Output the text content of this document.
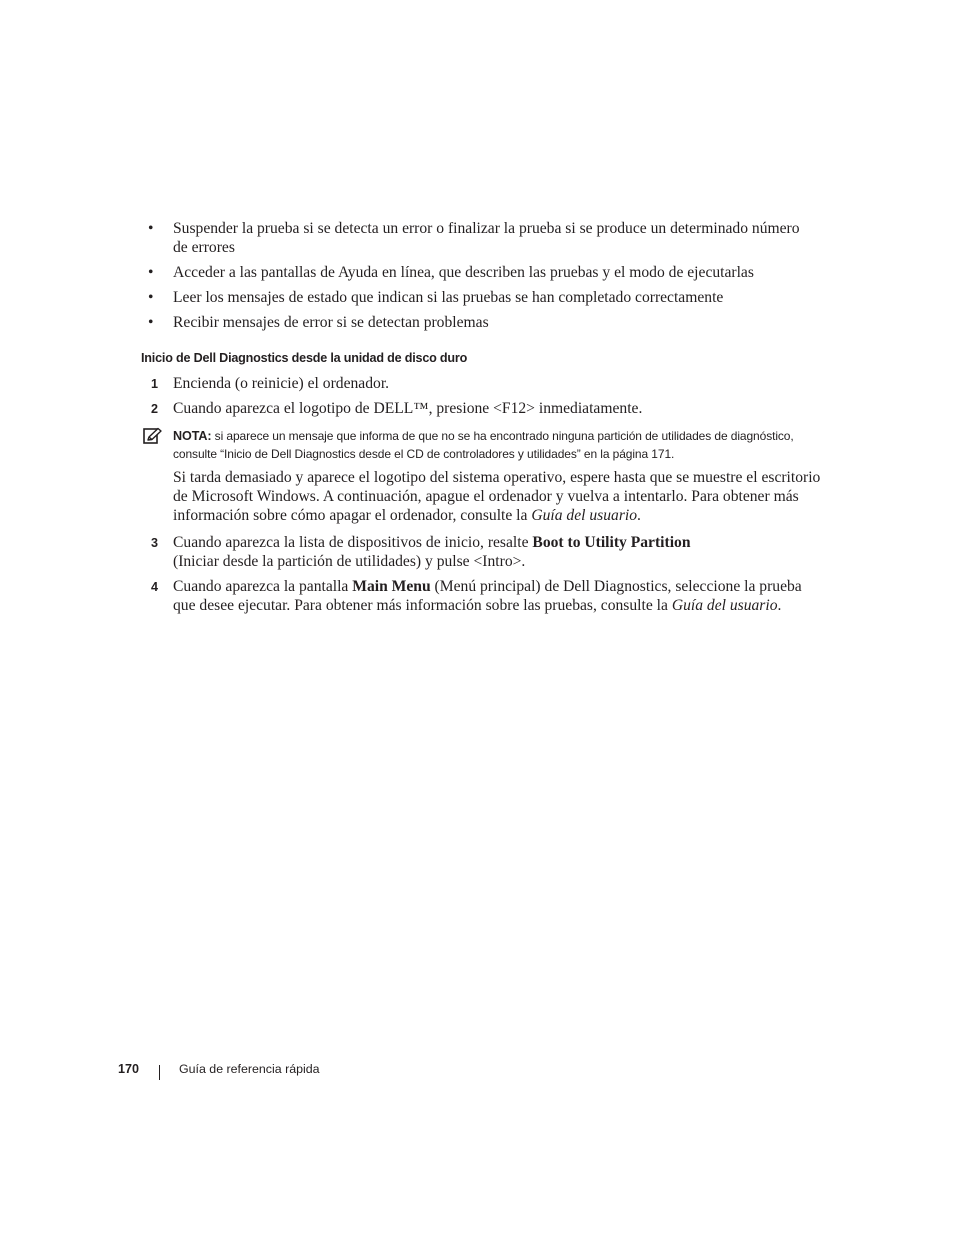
• Suspender la prueba si se detecta un error o finalizar la prueba si se produce un determinado número de errores
• Acceder a las pantallas de Ayuda en línea, que describen las pruebas y el modo de ejecutarlas
• Leer los mensajes de estado que indican si las pruebas se han completado correctamente
• Recibir mensajes de error si se detectan problemas
Inicio de Dell Diagnostics desde la unidad de disco duro
1 Encienda (o reinicie) el ordenador.
2 Cuando aparezca el logotipo de DELL™, presione <F12> inmediatamente.
NOTA: si aparece un mensaje que informa de que no se ha encontrado ninguna partición de utilidades de diagnóstico, consulte “Inicio de Dell Diagnostics desde el CD de controladores y utilidades” en la página 171.
Si tarda demasiado y aparece el logotipo del sistema operativo, espere hasta que se muestre el escritorio de Microsoft Windows. A continuación, apague el ordenador y vuelva a intentarlo. Para obtener más información sobre cómo apagar el ordenador, consulte la Guía del usuario.
3 Cuando aparezca la lista de dispositivos de inicio, resalte Boot to Utility Partition (Iniciar desde la partición de utilidades) y pulse <Intro>.
4 Cuando aparezca la pantalla Main Menu (Menú principal) de Dell Diagnostics, seleccione la prueba que desee ejecutar. Para obtener más información sobre las pruebas, consulte la Guía del usuario.
170	Guía de referencia rápida
